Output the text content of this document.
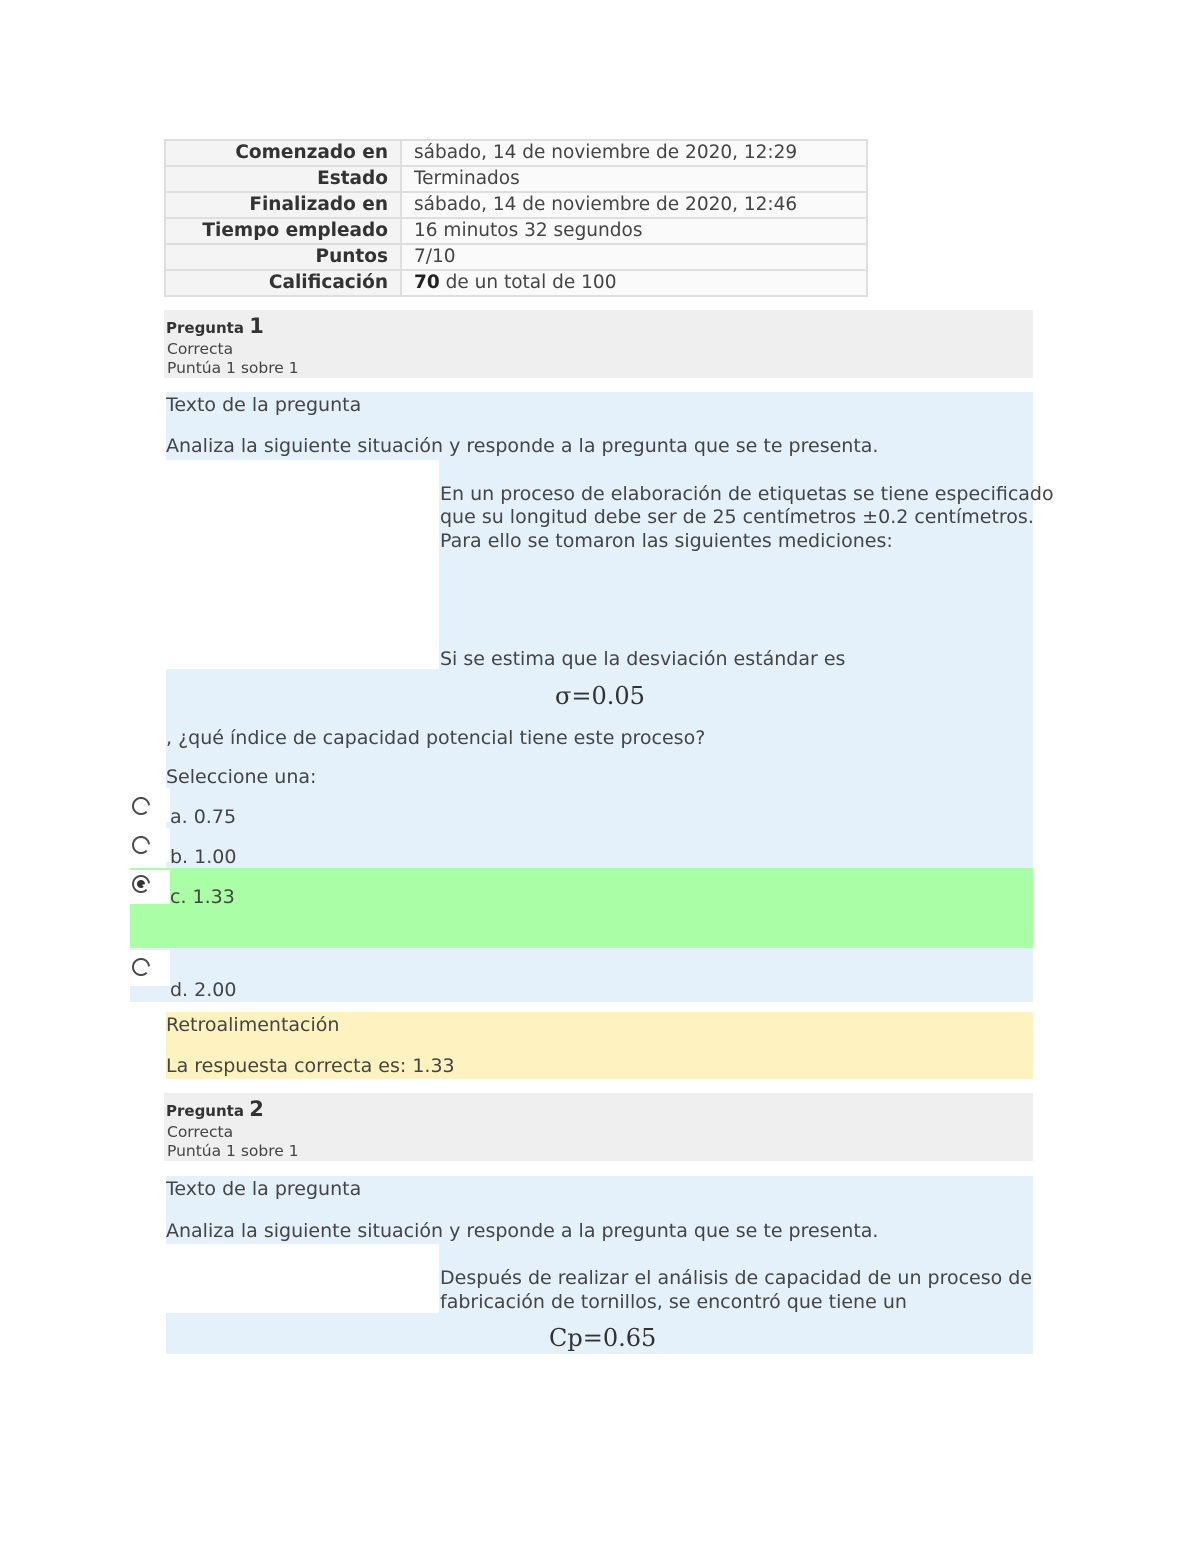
Comenzado en	sábado, 14 de noviembre de 2020, 12:29
Estado	Terminados
Finalizado en	sábado, 14 de noviembre de 2020, 12:46
Tiempo empleado	16 minutos 32 segundos
Puntos	7/10
Calificación	70 de un total de 100
Pregunta 1
Correcta
Puntúa 1 sobre 1
Texto de la pregunta
Analiza la siguiente situación y responde a la pregunta que se te presenta.
En un proceso de elaboración de etiquetas se tiene especificado
que su longitud debe ser de 25 centímetros ±0.2 centímetros.
Para ello se tomaron las siguientes mediciones:
Si se estima que la desviación estándar es
σ=0.05
, ¿qué índice de capacidad potencial tiene este proceso?
Seleccione una:
a. 0.75
b. 1.00
c. 1.33
d. 2.00
Retroalimentación
La respuesta correcta es: 1.33
Pregunta 2
Correcta
Puntúa 1 sobre 1
Texto de la pregunta
Analiza la siguiente situación y responde a la pregunta que se te presenta.
Después de realizar el análisis de capacidad de un proceso de
fabricación de tornillos, se encontró que tiene un
Cp=0.65
